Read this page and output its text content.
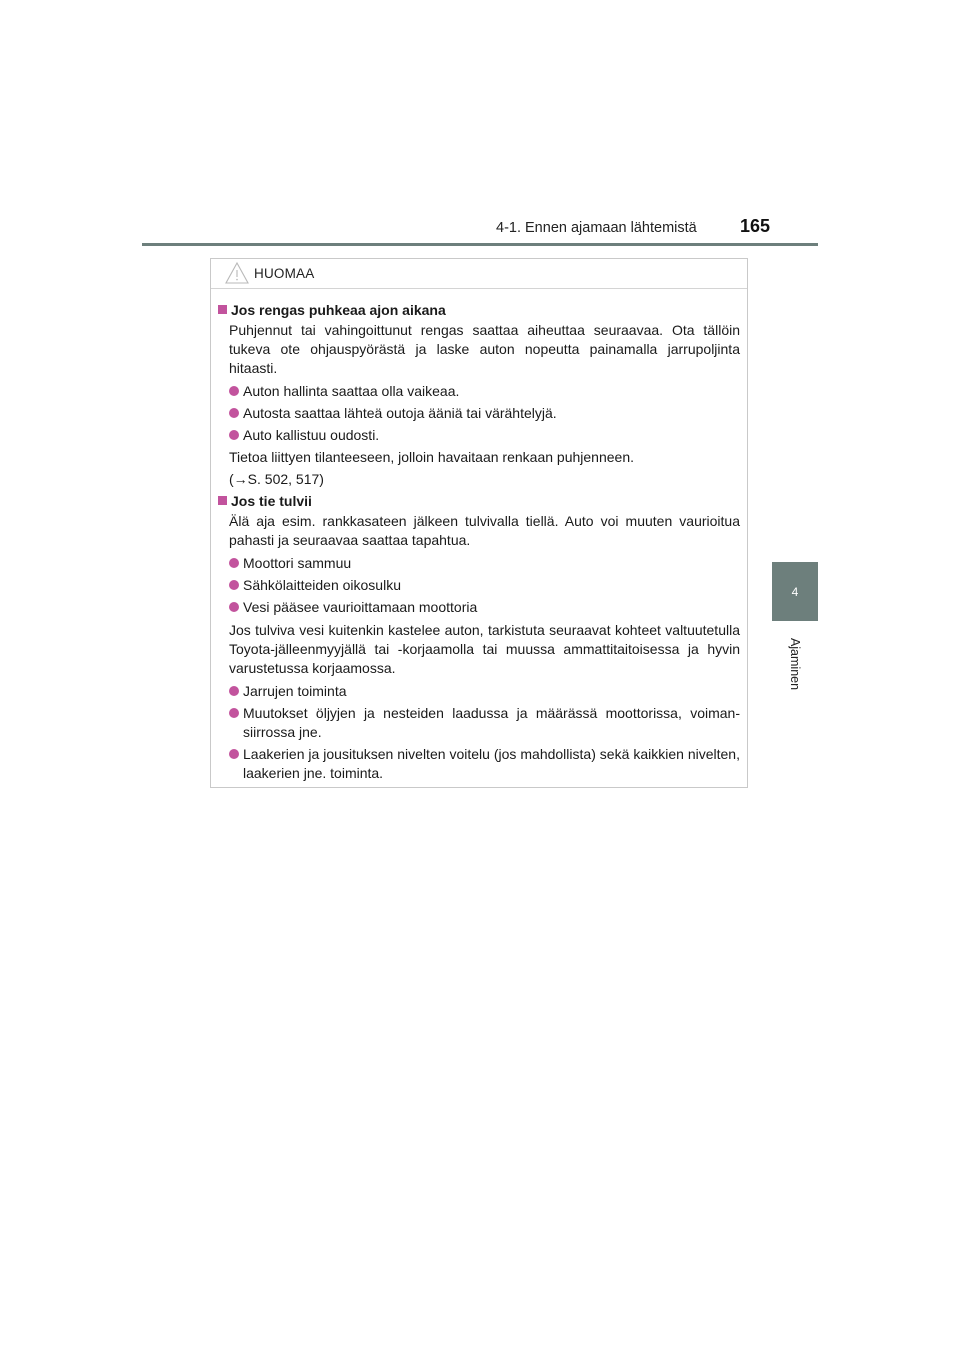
4-1. Ennen ajamaan lähtemistä 165
4
Ajaminen
HUOMAA
Jos rengas puhkeaa ajon aikana
Puhjennut tai vahingoittunut rengas saattaa aiheuttaa seuraavaa. Ota tällöin tukeva ote ohjauspyörästä ja laske auton nopeutta painamalla jarrupoljinta hitaasti.
Auton hallinta saattaa olla vaikeaa.
Autosta saattaa lähteä outoja ääniä tai värähtelyjä.
Auto kallistuu oudosti.
Tietoa liittyen tilanteeseen, jolloin havaitaan renkaan puhjenneen.
(→S. 502, 517)
Jos tie tulvii
Älä aja esim. rankkasateen jälkeen tulvivalla tiellä. Auto voi muuten vaurioitua pahasti ja seuraavaa saattaa tapahtua.
Moottori sammuu
Sähkölaitteiden oikosulku
Vesi pääsee vaurioittamaan moottoria
Jos tulviva vesi kuitenkin kastelee auton, tarkistuta seuraavat kohteet valtuutetulla Toyota-jälleenmyyjällä tai -korjaamolla tai muussa ammattitaitoisessa ja hyvin varustetussa korjaamossa.
Jarrujen toiminta
Muutokset öljyjen ja nesteiden laadussa ja määrässä moottorissa, voimansiirrossa jne.
Laakerien ja jousituksen nivelten voitelu (jos mahdollista) sekä kaikkien nivelten, laakerien jne. toiminta.
